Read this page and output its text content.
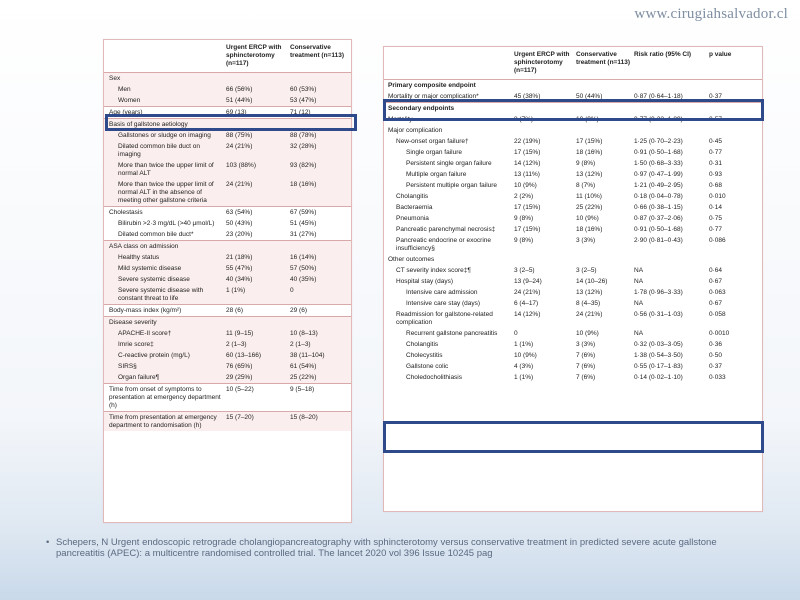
www.cirugiahsalvador.cl
	Urgent ERCP with sphincterotomy (n=117)	Conservative treatment (n=113)
Sex		
Men	66 (56%)	60 (53%)
Women	51 (44%)	53 (47%)
Age (years)	69 (13)	71 (12)
Basis of gallstone aetiology		
Gallstones or sludge on imaging	88 (75%)	88 (78%)
Dilated common bile duct on imaging	24 (21%)	32 (28%)
More than twice the upper limit of normal ALT	103 (88%)	93 (82%)
More than twice the upper limit of normal ALT in the absence of meeting other gallstone criteria	24 (21%)	18 (16%)
Cholestasis	63 (54%)	67 (59%)
Bilirubin >2·3 mg/dL (>40 μmol/L)	50 (43%)	51 (45%)
Dilated common bile duct*	23 (20%)	31 (27%)
ASA class on admission		
Healthy status	21 (18%)	16 (14%)
Mild systemic disease	55 (47%)	57 (50%)
Severe systemic disease	40 (34%)	40 (35%)
Severe systemic disease with constant threat to life	1 (1%)	0
Body-mass index (kg/m²)	28 (6)	29 (6)
Disease severity		
APACHE-II score†	11 (9–15)	10 (8–13)
Imrie score‡	2 (1–3)	2 (1–3)
C-reactive protein (mg/L)	60 (13–166)	38 (11–104)
SIRS§	76 (65%)	61 (54%)
Organ failure¶	29 (25%)	25 (22%)
Time from onset of symptoms to presentation at emergency department (h)	10 (5–22)	9 (5–18)
Time from presentation at emergency department to randomisation (h)	15 (7–20)	15 (8–20)
	Urgent ERCP with sphincterotomy (n=117)	Conservative treatment (n=113)	Risk ratio (95% CI)	p value
Primary composite endpoint				
Mortality or major complication*	45 (38%)	50 (44%)	0·87 (0·64–1·18)	0·37
Secondary endpoints				
Mortality	8 (7%)	10 (9%)	0·77 (0·32–1·89)	0·57
Major complication				
New-onset organ failure†	22 (19%)	17 (15%)	1·25 (0·70–2·23)	0·45
Single organ failure	17 (15%)	18 (16%)	0·91 (0·50–1·68)	0·77
Persistent single organ failure	14 (12%)	9 (8%)	1·50 (0·68–3·33)	0·31
Multiple organ failure	13 (11%)	13 (12%)	0·97 (0·47–1·99)	0·93
Persistent multiple organ failure	10 (9%)	8 (7%)	1·21 (0·49–2·95)	0·68
Cholangitis	2 (2%)	11 (10%)	0·18 (0·04–0·78)	0·010
Bacteraemia	17 (15%)	25 (22%)	0·66 (0·38–1·15)	0·14
Pneumonia	9 (8%)	10 (9%)	0·87 (0·37–2·06)	0·75
Pancreatic parenchymal necrosis‡	17 (15%)	18 (16%)	0·91 (0·50–1·68)	0·77
Pancreatic endocrine or exocrine insufficiency§	9 (8%)	3 (3%)	2·90 (0·81–0·43)	0·086
Other outcomes				
CT severity index score‡¶	3 (2–5)	3 (2–5)	NA	0·64
Hospital stay (days)	13 (9–24)	14 (10–26)	NA	0·67
Intensive care admission	24 (21%)	13 (12%)	1·78 (0·96–3·33)	0·063
Intensive care stay (days)	6 (4–17)	8 (4–35)	NA	0·67
Readmission for gallstone-related complication	14 (12%)	24 (21%)	0·56 (0·31–1·03)	0·058
Recurrent gallstone pancreatitis	0	10 (9%)	NA	0·0010
Cholangitis	1 (1%)	3 (3%)	0·32 (0·03–3·05)	0·36
Cholecystitis	10 (9%)	7 (6%)	1·38 (0·54–3·50)	0·50
Gallstone colic	4 (3%)	7 (6%)	0·55 (0·17–1·83)	0·37
Choledocholithiasis	1 (1%)	7 (6%)	0·14 (0·02–1·10)	0·033
• Schepers, N Urgent endoscopic retrograde cholangiopancreatography with sphincterotomy versus conservative treatment in predicted severe acute gallstone pancreatitis (APEC): a multicentre randomised controlled trial. The lancet 2020 vol 396 Issue 10245 pag
